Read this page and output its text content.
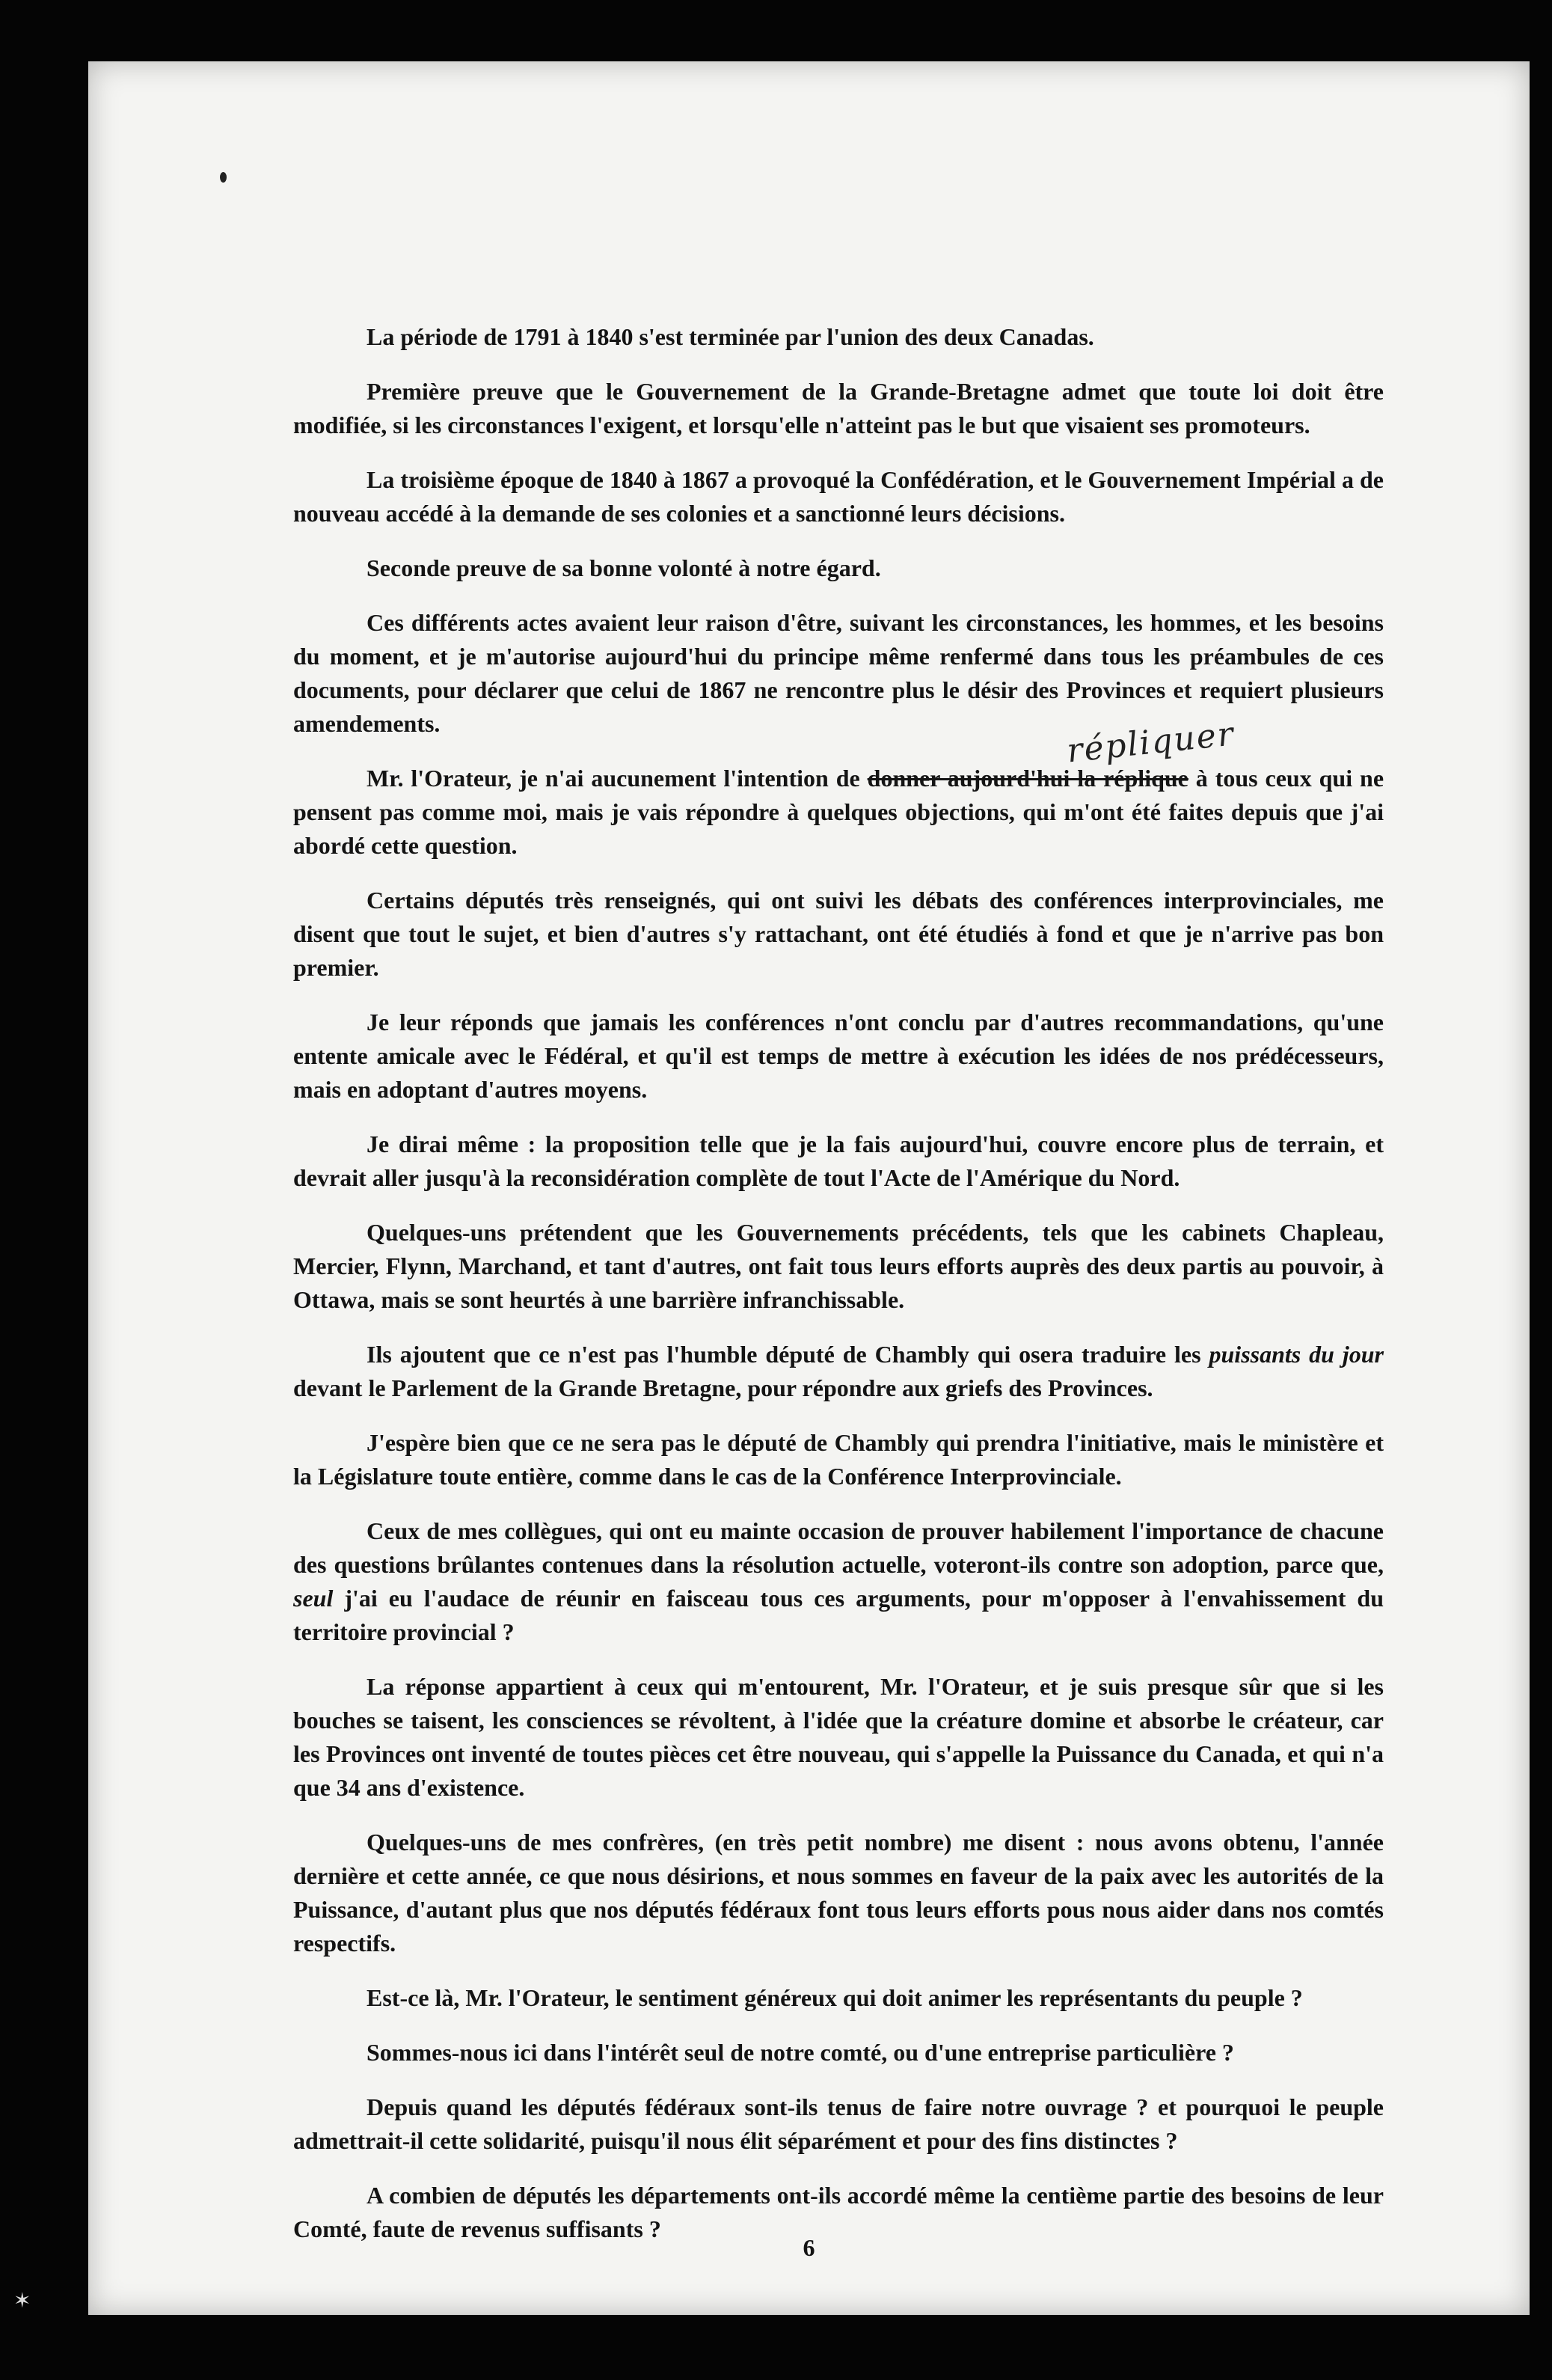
La période de 1791 à 1840 s'est terminée par l'union des deux Canadas.

Première preuve que le Gouvernement de la Grande-Bretagne admet que toute loi doit être modifiée, si les circonstances l'exigent, et lorsqu'elle n'atteint pas le but que visaient ses promoteurs.

La troisième époque de 1840 à 1867 a provoqué la Confédération, et le Gouvernement Impérial a de nouveau accédé à la demande de ses colonies et a sanctionné leurs décisions.

Seconde preuve de sa bonne volonté à notre égard.

Ces différents actes avaient leur raison d'être, suivant les circonstances, les hommes, et les besoins du moment, et je m'autorise aujourd'hui du principe même renfermé dans tous les préambules de ces documents, pour déclarer que celui de 1867 ne rencontre plus le désir des Provinces et requiert plusieurs amendements.

Mr. l'Orateur, je n'ai aucunement l'intention de donner aujourd'hui la réplique à tous ceux qui ne pensent pas comme moi, mais je vais répondre à quelques objections, qui m'ont été faites depuis que j'ai abordé cette question.

Certains députés très renseignés, qui ont suivi les débats des conférences interprovinciales, me disent que tout le sujet, et bien d'autres s'y rattachant, ont été étudiés à fond et que je n'arrive pas bon premier.

Je leur réponds que jamais les conférences n'ont conclu par d'autres recommandations, qu'une entente amicale avec le Fédéral, et qu'il est temps de mettre à exécution les idées de nos prédécesseurs, mais en adoptant d'autres moyens.

Je dirai même : la proposition telle que je la fais aujourd'hui, couvre encore plus de terrain, et devrait aller jusqu'à la reconsidération complète de tout l'Acte de l'Amérique du Nord.

Quelques-uns prétendent que les Gouvernements précédents, tels que les cabinets Chapleau, Mercier, Flynn, Marchand, et tant d'autres, ont fait tous leurs efforts auprès des deux partis au pouvoir, à Ottawa, mais se sont heurtés à une barrière infranchissable.

Ils ajoutent que ce n'est pas l'humble député de Chambly qui osera traduire les puissants du jour devant le Parlement de la Grande Bretagne, pour répondre aux griefs des Provinces.

J'espère bien que ce ne sera pas le député de Chambly qui prendra l'initiative, mais le ministère et la Législature toute entière, comme dans le cas de la Conférence Interprovinciale.

Ceux de mes collègues, qui ont eu mainte occasion de prouver habilement l'importance de chacune des questions brûlantes contenues dans la résolution actuelle, voteront-ils contre son adoption, parce que, seul j'ai eu l'audace de réunir en faisceau tous ces arguments, pour m'opposer à l'envahissement du territoire provincial ?

La réponse appartient à ceux qui m'entourent, Mr. l'Orateur, et je suis presque sûr que si les bouches se taisent, les consciences se révoltent, à l'idée que la créature domine et absorbe le créateur, car les Provinces ont inventé de toutes pièces cet être nouveau, qui s'appelle la Puissance du Canada, et qui n'a que 34 ans d'existence.

Quelques-uns de mes confrères, (en très petit nombre) me disent : nous avons obtenu, l'année dernière et cette année, ce que nous désirions, et nous sommes en faveur de la paix avec les autorités de la Puissance, d'autant plus que nos députés fédéraux font tous leurs efforts pous nous aider dans nos comtés respectifs.

Est-ce là, Mr. l'Orateur, le sentiment généreux qui doit animer les représentants du peuple ?

Sommes-nous ici dans l'intérêt seul de notre comté, ou d'une entreprise particulière ?

Depuis quand les députés fédéraux sont-ils tenus de faire notre ouvrage ? et pourquoi le peuple admettrait-il cette solidarité, puisqu'il nous élit séparément et pour des fins distinctes ?

A combien de députés les départements ont-ils accordé même la centième partie des besoins de leur Comté, faute de revenus suffisants ?

répliquer
6
✶
